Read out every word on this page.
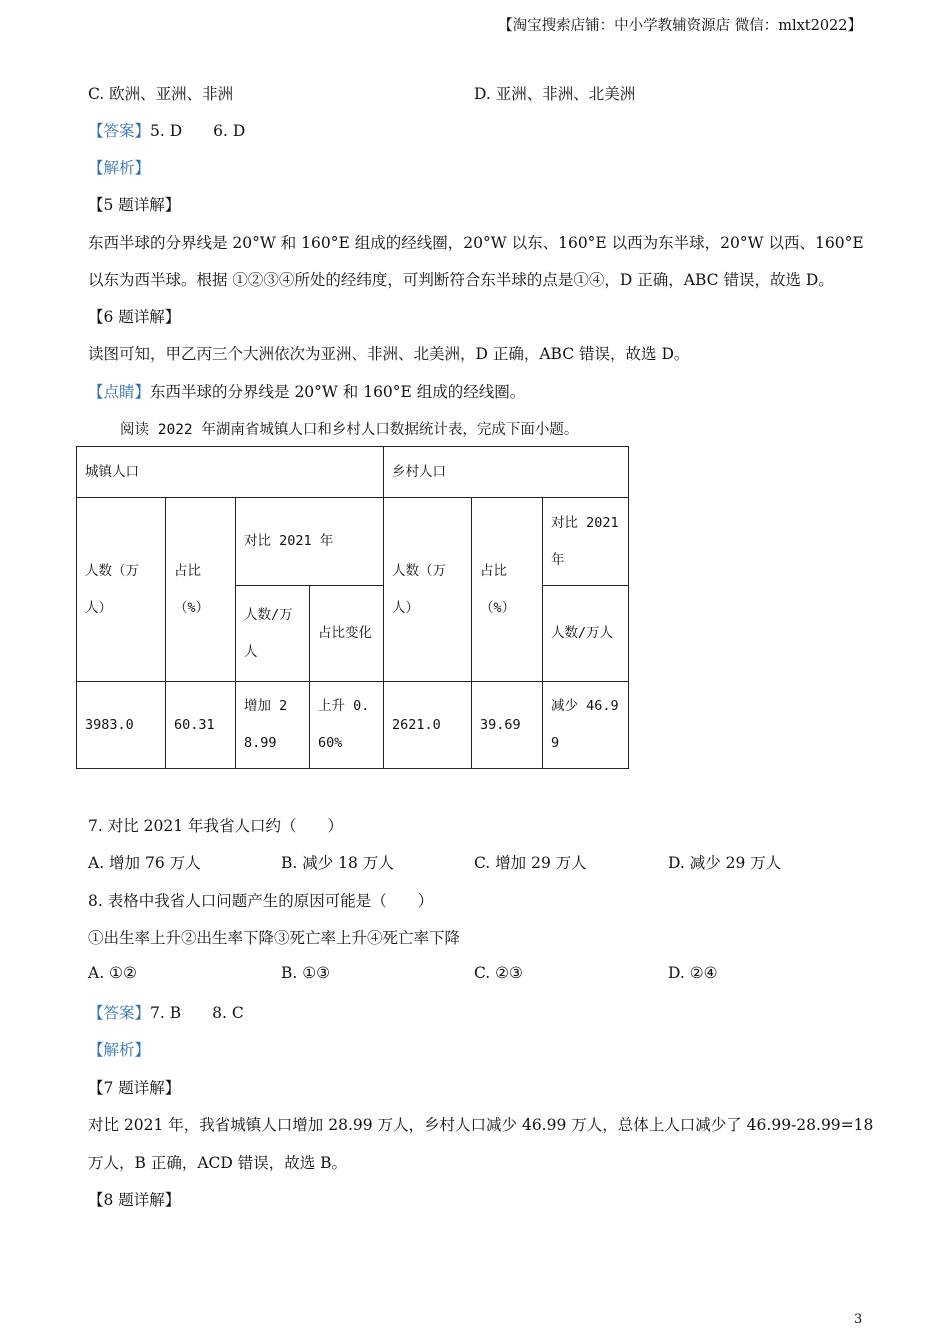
【淘宝搜索店铺：中小学教辅资源店 微信：mlxt2022】
C. 欧洲、亚洲、非洲	D. 亚洲、非洲、北美洲
【答案】5. D　　6. D
【解析】
【5 题详解】
东西半球的分界线是 20°W 和 160°E 组成的经线圈，20°W 以东、160°E 以西为东半球，20°W 以西、160°E
以东为西半球。根据 ①②③④所处的经纬度，可判断符合东半球的点是①④，D 正确，ABC 错误，故选 D。
【6 题详解】
读图可知，甲乙丙三个大洲依次为亚洲、非洲、北美洲，D 正确，ABC 错误，故选 D。
【点睛】东西半球的分界线是 20°W 和 160°E 组成的经线圈。
阅读 2022 年湖南省城镇人口和乡村人口数据统计表，完成下面小题。
城镇人口				乡村人口		
人数（万人）	占比（%）	对比 2021 年		人数（万人）	占比（%）	对比 2021 年
		人数/万人	占比变化			人数/万人
3983.0	60.31	增加 28.99	上升 0.60%	2621.0	39.69	减少 46.99
7. 对比 2021 年我省人口约（　　）
A. 增加 76 万人	B. 减少 18 万人	C. 增加 29 万人	D. 减少 29 万人
8. 表格中我省人口问题产生的原因可能是（　　）
①出生率上升②出生率下降③死亡率上升④死亡率下降
A. ①②	B. ①③	C. ②③	D. ②④
【答案】7. B　　8. C
【解析】
【7 题详解】
对比 2021 年，我省城镇人口增加 28.99 万人，乡村人口减少 46.99 万人，总体上人口减少了 46.99-28.99=18
万人，B 正确，ACD 错误，故选 B。
【8 题详解】
3
